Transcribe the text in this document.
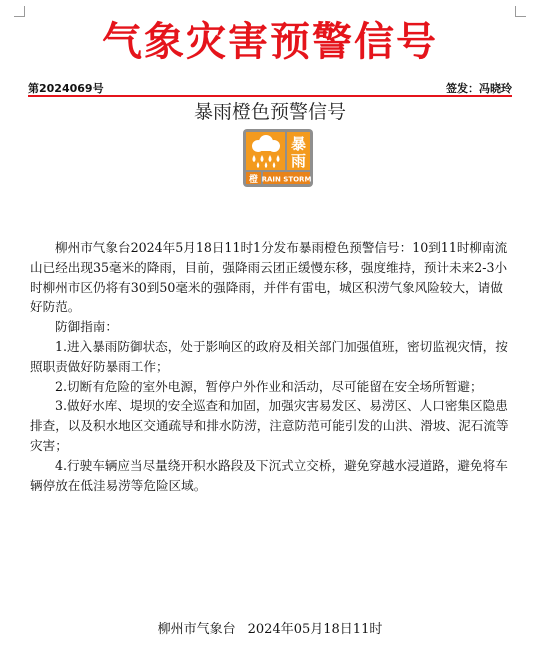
气象灾害预警信号
第2024069号	签发：冯晓玲
暴雨橙色预警信号
暴
雨
橙 RAIN STORM

柳州市气象台2024年5月18日11时1分发布暴雨橙色预警信号：10到11时柳南流山已经出现35毫米的降雨，目前，强降雨云团正缓慢东移，强度维持，预计未来2-3小时柳州市区仍将有30到50毫米的强降雨，并伴有雷电，城区积涝气象风险较大，请做好防范。

防御指南：

1.进入暴雨防御状态，处于影响区的政府及相关部门加强值班，密切监视灾情，按照职责做好防暴雨工作；

2.切断有危险的室外电源，暂停户外作业和活动，尽可能留在安全场所暂避；

3.做好水库、堤坝的安全巡查和加固，加强灾害易发区、易涝区、人口密集区隐患排查，以及积水地区交通疏导和排水防涝，注意防范可能引发的山洪、滑坡、泥石流等灾害；

4.行驶车辆应当尽量绕开积水路段及下沉式立交桥，避免穿越水浸道路，避免将车辆停放在低洼易涝等危险区域。

柳州市气象台 2024年05月18日11时
